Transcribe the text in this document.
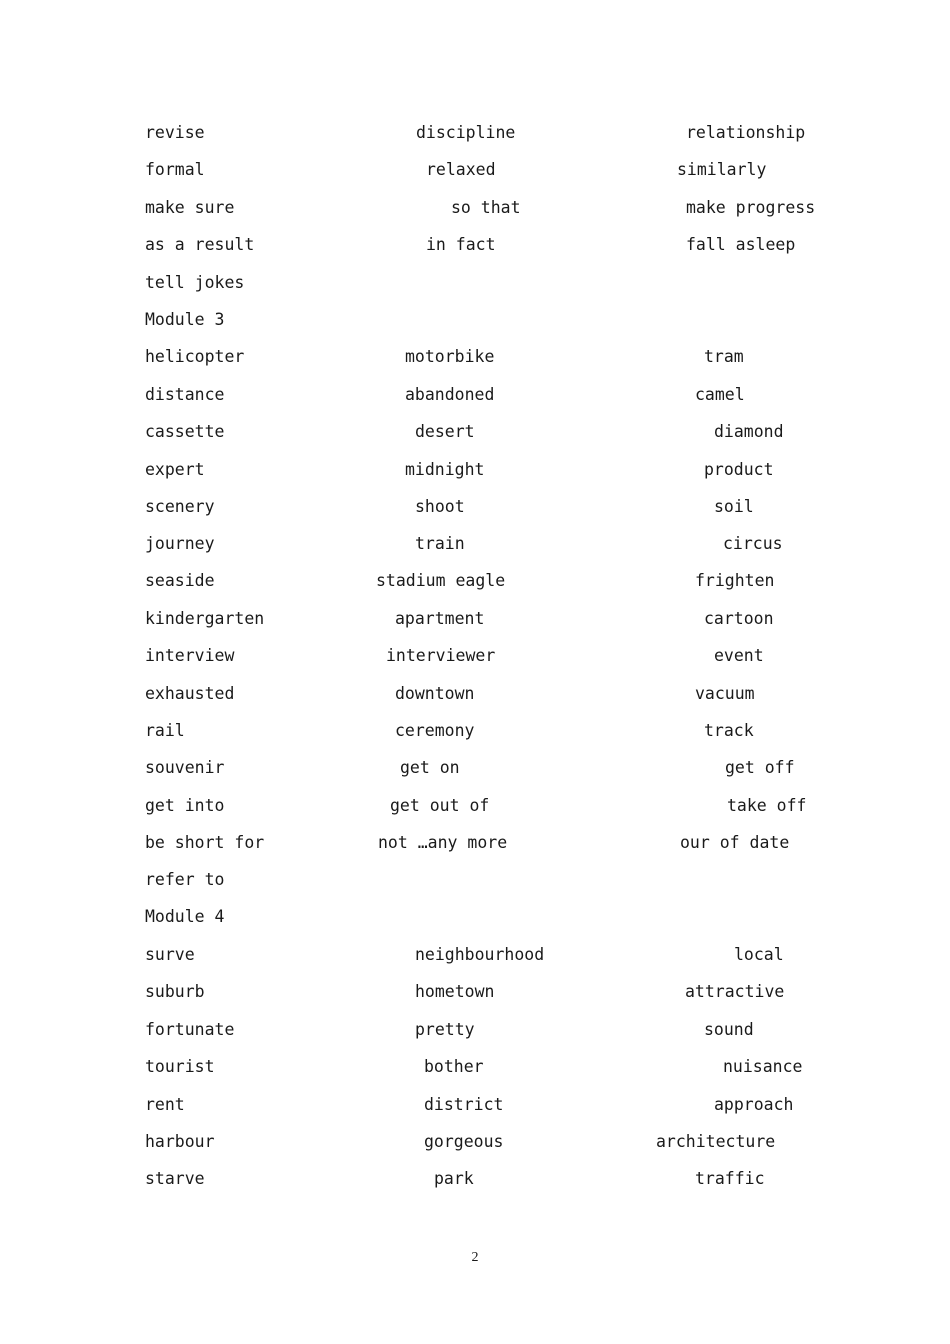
2
revise	discipline	relationship
formal	relaxed	similarly
make sure	so that	make progress
as a result	in fact	fall asleep
tell jokes
Module 3
helicopter	motorbike	tram
distance	abandoned	camel
cassette	desert	diamond
expert	midnight	product
scenery	shoot	soil
journey	train	circus
seaside	stadium eagle	frighten
kindergarten	apartment	cartoon
interview	interviewer	event
exhausted	downtown	vacuum
rail	ceremony	track
souvenir	get on	get off
get into	get out of	take off
be short for	not …any more	our of date
refer to
Module 4
surve	neighbourhood	local
suburb	hometown	attractive
fortunate	pretty	sound
tourist	bother	nuisance
rent	district	approach
harbour	gorgeous	architecture
starve	park	traffic
